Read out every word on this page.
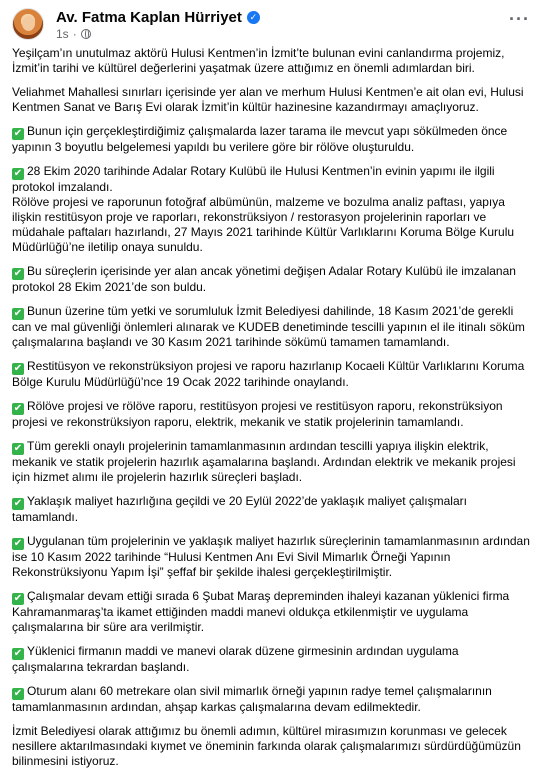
Av. Fatma Kaplan Hürriyet ✓
1s ·
···

Yeşilçam’ın unutulmaz aktörü Hulusi Kentmen’in İzmit’te bulunan evini canlandırma projemiz, İzmit’in tarihi ve kültürel değerlerini yaşatmak üzere attığımız en önemli adımlardan biri.

Veliahmet Mahallesi sınırları içerisinde yer alan ve merhum Hulusi Kentmen’e ait olan evi, Hulusi Kentmen Sanat ve Barış Evi olarak İzmit’in kültür hazinesine kazandırmayı amaçlıyoruz.

✔ Bunun için gerçekleştirdiğimiz çalışmalarda lazer tarama ile mevcut yapı sökülmeden önce yapının 3 boyutlu belgelemesi yapıldı bu verilere göre bir rölöve oluşturuldu.

✔ 28 Ekim 2020 tarihinde Adalar Rotary Kulübü ile Hulusi Kentmen’in evinin yapımı ile ilgili protokol imzalandı.
Rölöve projesi ve raporunun fotoğraf albümünün, malzeme ve bozulma analiz paftası, yapıya ilişkin restitüsyon proje ve raporları, rekonstrüksiyon / restorasyon projelerinin raporları ve müdahale paftaları hazırlandı, 27 Mayıs 2021 tarihinde Kültür Varlıklarını Koruma Bölge Kurulu Müdürlüğü’ne iletilip onaya sunuldu.

✔ Bu süreçlerin içerisinde yer alan ancak yönetimi değişen Adalar Rotary Kulübü ile imzalanan protokol 28 Ekim 2021’de son buldu.

✔ Bunun üzerine tüm yetki ve sorumluluk İzmit Belediyesi dahilinde, 18 Kasım 2021’de gerekli can ve mal güvenliği önlemleri alınarak ve KUDEB denetiminde tescilli yapının el ile itinalı söküm çalışmalarına başlandı ve 30 Kasım 2021 tarihinde sökümü tamamen tamamlandı.

✔ Restitüsyon ve rekonstrüksiyon projesi ve raporu hazırlanıp Kocaeli Kültür Varlıklarını Koruma Bölge Kurulu Müdürlüğü’nce 19 Ocak 2022 tarihinde onaylandı.

✔ Rölöve projesi ve rölöve raporu, restitüsyon projesi ve restitüsyon raporu, rekonstrüksiyon projesi ve rekonstrüksiyon raporu, elektrik, mekanik ve statik projelerinin tamamlandı.

✔ Tüm gerekli onaylı projelerinin tamamlanmasının ardından tescilli yapıya ilişkin elektrik, mekanik ve statik projelerin hazırlık aşamalarına başlandı. Ardından elektrik ve mekanik projesi için hizmet alımı ile projelerin hazırlık süreçleri başladı.

✔ Yaklaşık maliyet hazırlığına geçildi ve 20 Eylül 2022’de yaklaşık maliyet çalışmaları tamamlandı.

✔ Uygulanan tüm projelerinin ve yaklaşık maliyet hazırlık süreçlerinin tamamlanmasının ardından ise 10 Kasım 2022 tarihinde “Hulusi Kentmen Anı Evi Sivil Mimarlık Örneği Yapının Rekonstrüksiyonu Yapım İşi” şeffaf bir şekilde ihalesi gerçekleştirilmiştir.

✔ Çalışmalar devam ettiği sırada 6 Şubat Maraş depreminden ihaleyi kazanan yüklenici firma Kahramanmaraş’ta ikamet ettiğinden maddi manevi oldukça etkilenmiştir ve uygulama çalışmalarına bir süre ara verilmiştir.

✔ Yüklenici firmanın maddi ve manevi olarak düzene girmesinin ardından uygulama çalışmalarına tekrardan başlandı.

✔ Oturum alanı 60 metrekare olan sivil mimarlık örneği yapının radye temel çalışmalarının tamamlanmasının ardından, ahşap karkas çalışmalarına devam edilmektedir.

İzmit Belediyesi olarak attığımız bu önemli adımın, kültürel mirasımızın korunması ve gelecek nesillere aktarılmasındaki kıymet ve öneminin farkında olarak çalışmalarımızı sürdürdüğümüzün bilinmesini istiyoruz.
